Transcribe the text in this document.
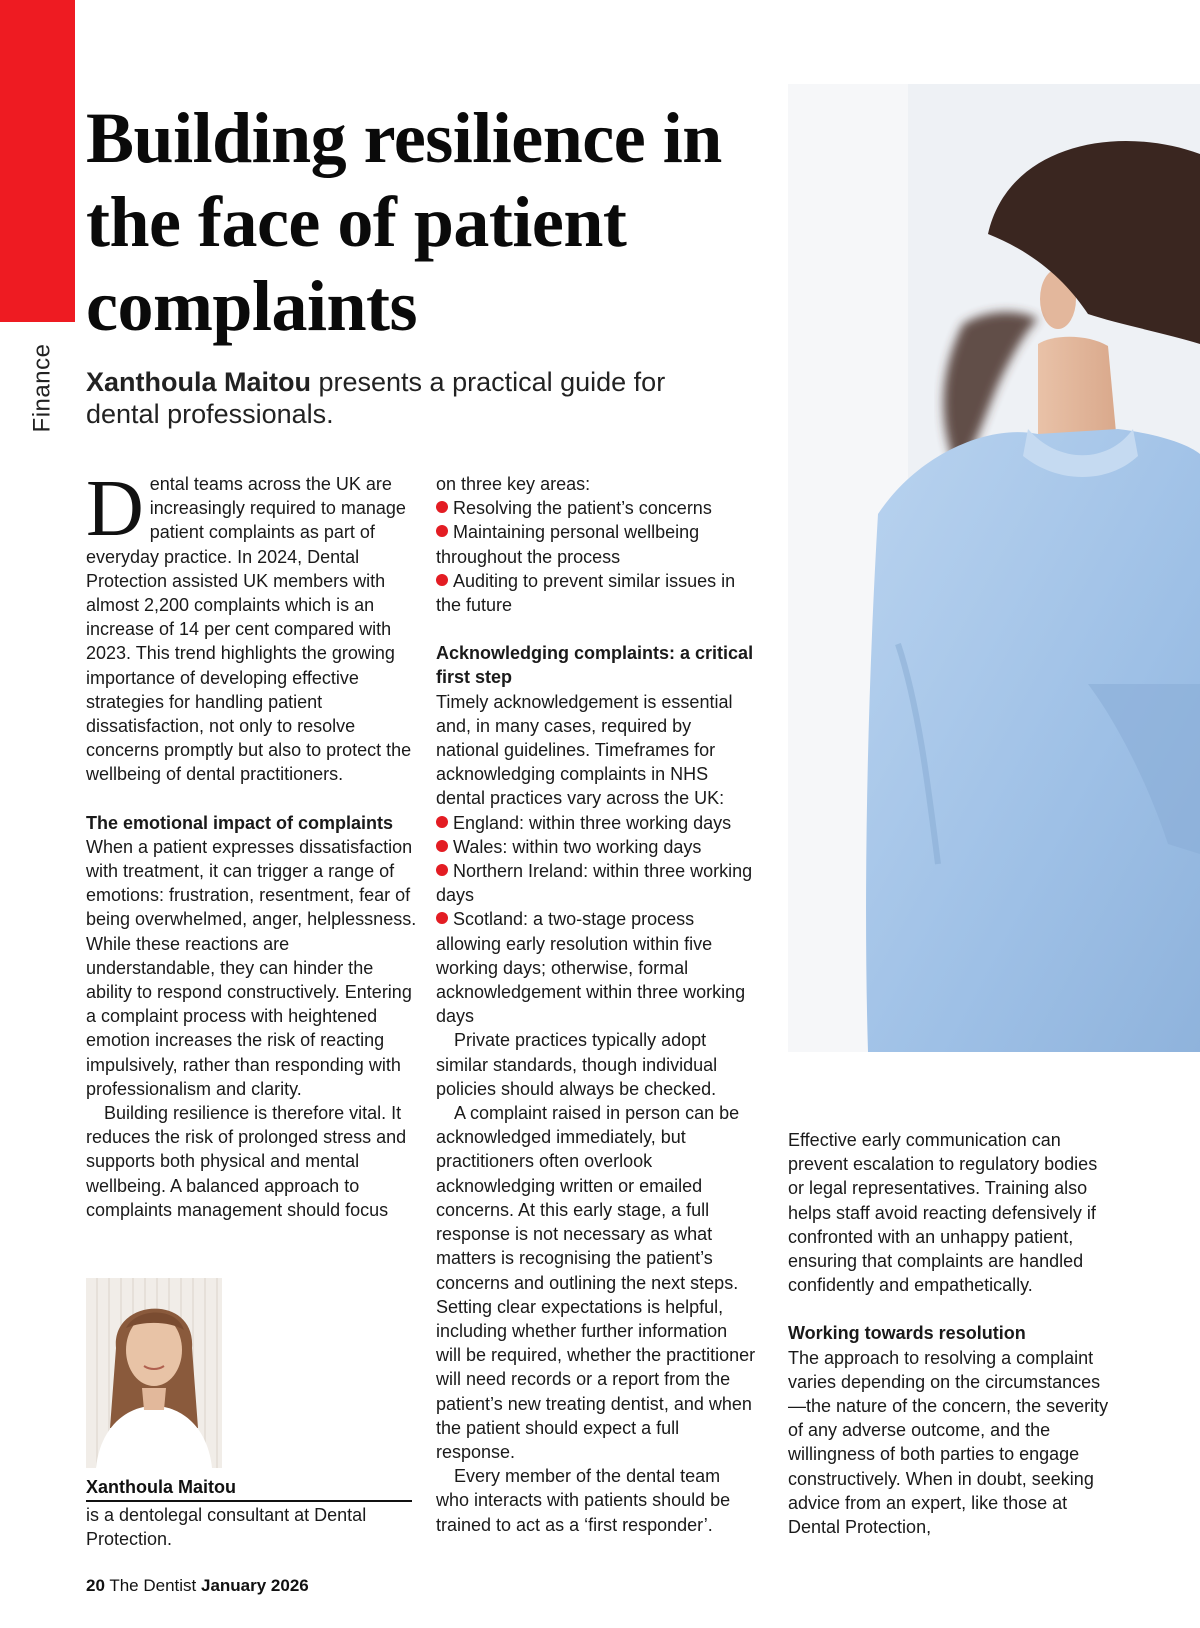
Finance
Building resilience in the face of patient complaints

Xanthoula Maitou presents a practical guide for dental professionals.

Dental teams across the UK are increasingly required to manage patient complaints as part of everyday practice. In 2024, Dental Protection assisted UK members with almost 2,200 complaints which is an increase of 14 per cent compared with 2023. This trend highlights the growing importance of developing effective strategies for handling patient dissatisfaction, not only to resolve concerns promptly but also to protect the wellbeing of dental practitioners.

The emotional impact of complaints

When a patient expresses dissatisfaction with treatment, it can trigger a range of emotions: frustration, resentment, fear of being overwhelmed, anger, helplessness. While these reactions are understandable, they can hinder the ability to respond constructively. Entering a complaint process with heightened emotion increases the risk of reacting impulsively, rather than responding with professionalism and clarity.

Building resilience is therefore vital. It reduces the risk of prolonged stress and supports both physical and mental wellbeing. A balanced approach to complaints management should focus

on three key areas:

Resolving the patient’s concerns
Maintaining personal wellbeing throughout the process
Auditing to prevent similar issues in the future

Acknowledging complaints: a critical first step

Timely acknowledgement is essential and, in many cases, required by national guidelines. Timeframes for acknowledging complaints in NHS dental practices vary across the UK:

England: within three working days
Wales: within two working days
Northern Ireland: within three working days
Scotland: a two-stage process allowing early resolution within five working days; otherwise, formal acknowledgement within three working days

Private practices typically adopt similar standards, though individual policies should always be checked.

A complaint raised in person can be acknowledged immediately, but practitioners often overlook acknowledging written or emailed concerns. At this early stage, a full response is not necessary as what matters is recognising the patient’s concerns and outlining the next steps. Setting clear expectations is helpful, including whether further information will be required, whether the practitioner will need records or a report from the patient’s new treating dentist, and when the patient should expect a full response.

Every member of the dental team who interacts with patients should be trained to act as a ‘first responder’.

Effective early communication can prevent escalation to regulatory bodies or legal representatives. Training also helps staff avoid reacting defensively if confronted with an unhappy patient, ensuring that complaints are handled confidently and empathetically.

Working towards resolution

The approach to resolving a complaint varies depending on the circumstances—the nature of the concern, the severity of any adverse outcome, and the willingness of both parties to engage constructively. When in doubt, seeking advice from an expert, like those at Dental Protection,

Xanthoula Maitou
is a dentolegal consultant at Dental Protection.
20 The Dentist January 2026
